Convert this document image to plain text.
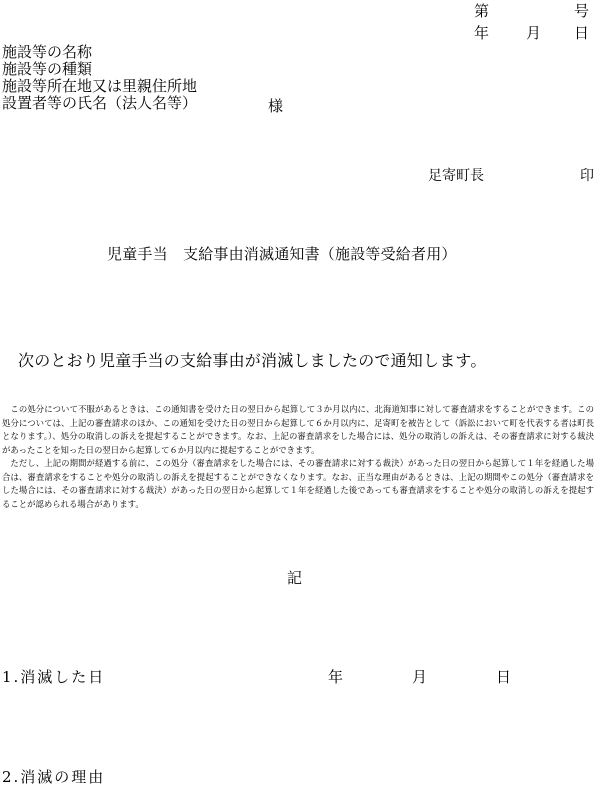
第	号
年 月 日
施設等の名称
施設等の種類
施設等所在地又は里親住所地
設置者等の氏名（法人名等）	様
足寄町長	印
児童手当　支給事由消滅通知書（施設等受給者用）
次のとおり児童手当の支給事由が消滅しましたので通知します。

この処分について不服があるときは、この通知書を受けた日の翌日から起算して３か月以内に、北海道知事に対して審査請求をすることができます。この処分については、上記の審査請求のほか、この通知を受けた日の翌日から起算して６か月以内に、足寄町を被告として（訴訟において町を代表する者は町長となります。）、処分の取消しの訴えを提起することができます。なお、上記の審査請求をした場合には、処分の取消しの訴えは、その審査請求に対する裁決があったことを知った日の翌日から起算して６か月以内に提起することができます。

ただし、上記の期間が経過する前に、この処分（審査請求をした場合には、その審査請求に対する裁決）があった日の翌日から起算して１年を経過した場合は、審査請求をすることや処分の取消しの訴えを提起することができなくなります。なお、正当な理由があるときは、上記の期間やこの処分（審査請求をした場合には、その審査請求に対する裁決）があった日の翌日から起算して１年を経過した後であっても審査請求をすることや処分の取消しの訴えを提起することが認められる場合があります。

記
1.消滅した日	年	月	日
2.消滅の理由
